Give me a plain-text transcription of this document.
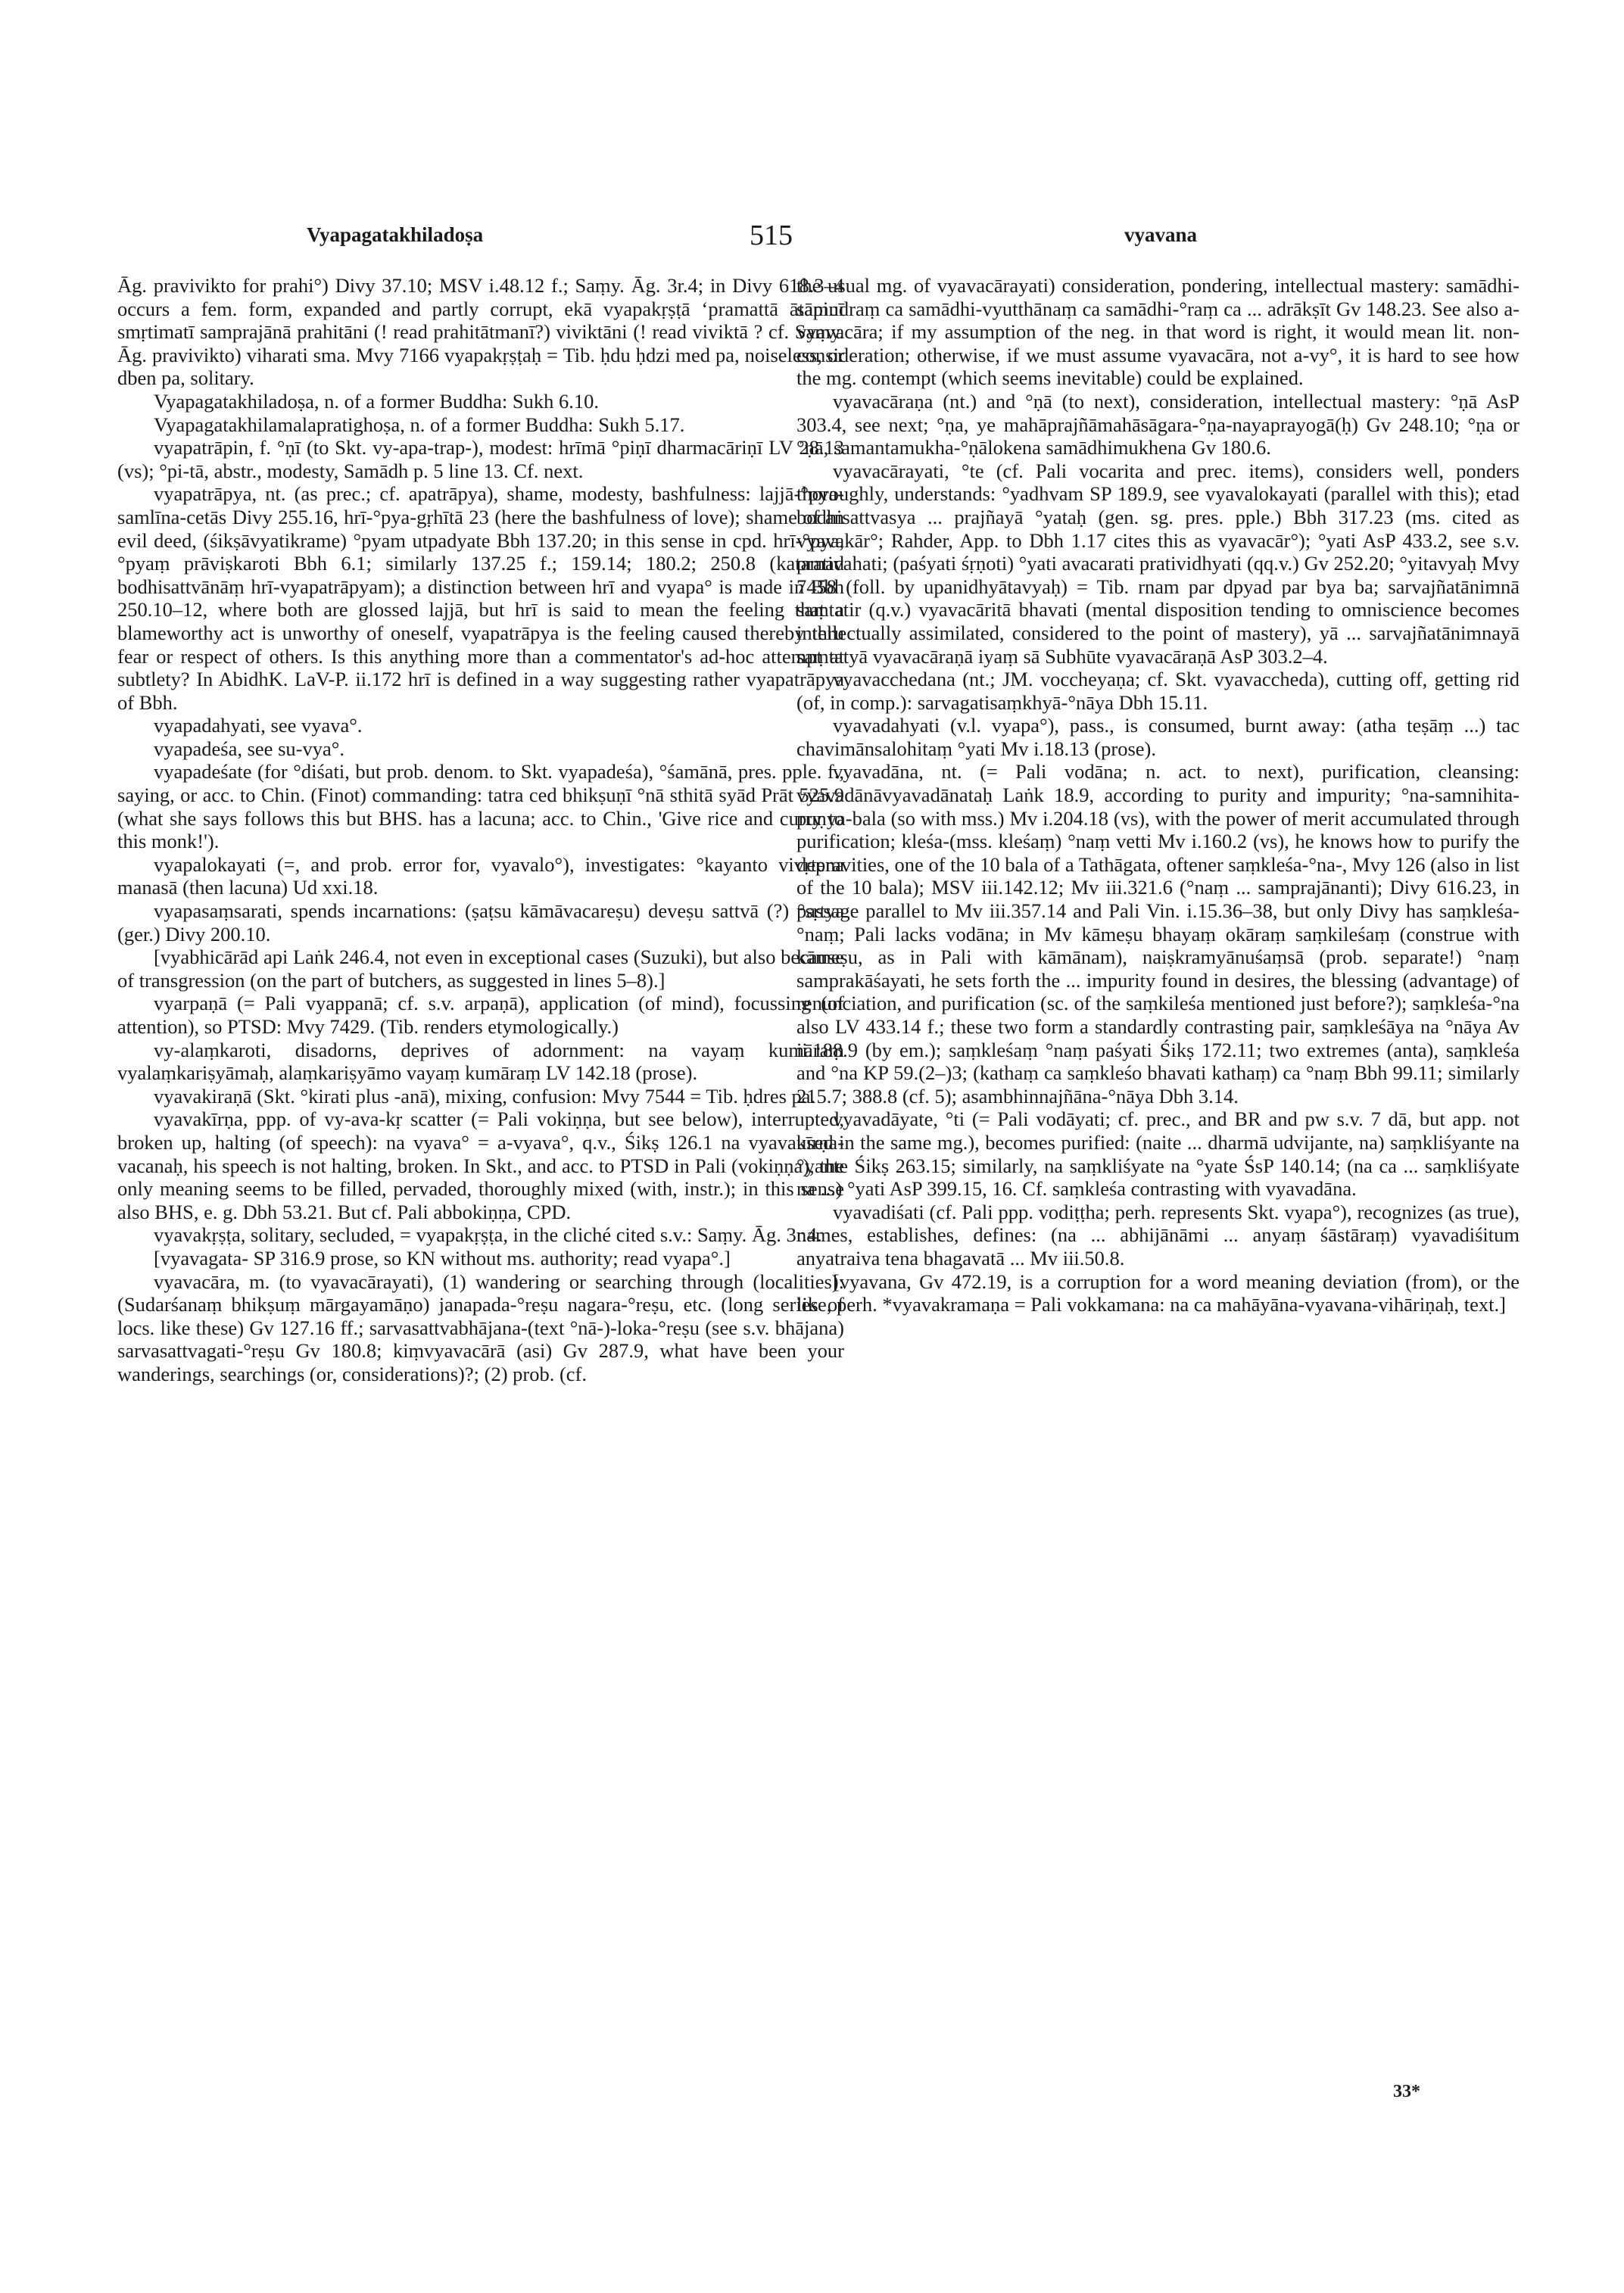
Vyapagatakhiladoṣa	515	vyavana

Āg. pravivikto for prahi°) Divy 37.10; MSV i.48.12 f.; Saṃy. Āg. 3r.4; in Divy 618.3–4 occurs a fem. form, expanded and partly corrupt, ekā vyapakṛṣṭā ʻpramattā ātāpinī smṛtimatī samprajānā prahitāni (! read prahitātmanī?) viviktāni (! read viviktā ? cf. Saṃy. Āg. pravivikto) viharati sma. Mvy 7166 vyapakṛṣṭaḥ = Tib. ḥdu ḥdzi med pa, noiseless, or dben pa, solitary.

Vyapagatakhiladoṣa, n. of a former Buddha: Sukh 6.10.

Vyapagatakhilamalapratighoṣa, n. of a former Buddha: Sukh 5.17.

vyapatrāpin, f. °ṇī (to Skt. vy-apa-trap-), modest: hrīmā °piṇī dharmacāriṇī LV 28.13 (vs); °pi-tā, abstr., modesty, Samādh p. 5 line 13. Cf. next.

vyapatrāpya, nt. (as prec.; cf. apatrāpya), shame, modesty, bashfulness: lajjā-°pya-samlīna-cetās Divy 255.16, hrī-°pya-gṛhītā 23 (here the bashfulness of love); shame of an evil deed, (śikṣāvyatikrame) °pyam utpadyate Bbh 137.20; in this sense in cpd. hrī-°pya, °pyaṃ prāviṣkaroti Bbh 6.1; similarly 137.25 f.; 159.14; 180.2; 250.8 (katamad bodhisattvānāṃ hrī-vyapatrāpyam); a distinction between hrī and vyapa° is made in Bbh 250.10–12, where both are glossed lajjā, but hrī is said to mean the feeling that a blameworthy act is unworthy of oneself, vyapatrāpya is the feeling caused thereby thru fear or respect of others. Is this anything more than a commentator's ad-hoc attempt at subtlety? In AbidhK. LaV-P. ii.172 hrī is defined in a way suggesting rather vyapatrāpya of Bbh.

vyapadahyati, see vyava°.

vyapadeśa, see su-vya°.

vyapadeśate (for °diśati, but prob. denom. to Skt. vyapadeśa), °śamānā, pres. pple. f., saying, or acc. to Chin. (Finot) commanding: tatra ced bhikṣuṇī °nā sthitā syād Prāt 525.9 (what she says follows this but BHS. has a lacuna; acc. to Chin., 'Give rice and curry to this monk!').

vyapalokayati (=, and prob. error for, vyavalo°), investigates: °kayanto vivṛtena manasā (then lacuna) Ud xxi.18.

vyapasaṃsarati, spends incarnations: (ṣaṭsu kāmāvacareṣu) deveṣu sattvā (?) °sṛtya (ger.) Divy 200.10.

[vyabhicārād api Laṅk 246.4, not even in exceptional cases (Suzuki), but also because of transgression (on the part of butchers, as suggested in lines 5–8).]

vyarpaṇā (= Pali vyappanā; cf. s.v. arpaṇā), application (of mind), focussing (of attention), so PTSD: Mvy 7429. (Tib. renders etymologically.)

vy-alaṃkaroti, disadorns, deprives of adornment: na vayaṃ kumāraṃ vyalaṃkariṣyāmaḥ, alaṃkariṣyāmo vayaṃ kumāraṃ LV 142.18 (prose).

vyavakiraṇā (Skt. °kirati plus -anā), mixing, confusion: Mvy 7544 = Tib. ḥdres pa.

vyavakīrṇa, ppp. of vy-ava-kṛ scatter (= Pali vokiṇṇa, but see below), interrupted, broken up, halting (of speech): na vyava° = a-vyava°, q.v., Śikṣ 126.1 na vyavakīrṇa-vacanaḥ, his speech is not halting, broken. In Skt., and acc. to PTSD in Pali (vokiṇṇa), the only meaning seems to be filled, pervaded, thoroughly mixed (with, instr.); in this sense also BHS, e. g. Dbh 53.21. But cf. Pali abbokiṇṇa, CPD.

vyavakṛṣṭa, solitary, secluded, = vyapakṛṣṭa, in the cliché cited s.v.: Saṃy. Āg. 3r.4.

[vyavagata- SP 316.9 prose, so KN without ms. authority; read vyapa°.]

vyavacāra, m. (to vyavacārayati), (1) wandering or searching through (localities): (Sudarśanaṃ bhikṣuṃ mārgayamāṇo) janapada-°reṣu nagara-°reṣu, etc. (long series of locs. like these) Gv 127.16 ff.; sarvasattvabhājana-(text °nā-)-loka-°reṣu (see s.v. bhājana) sarvasattvagati-°reṣu Gv 180.8; kiṃvyavacārā (asi) Gv 287.9, what have been your wanderings, searchings (or, considerations)?; (2) prob. (cf.

the usual mg. of vyavacārayati) consideration, pondering, intellectual mastery: samādhi-samudraṃ ca samādhi-vyutthānaṃ ca samādhi-°raṃ ca ... adrākṣīt Gv 148.23. See also a-vyavacāra; if my assumption of the neg. in that word is right, it would mean lit. non-consideration; otherwise, if we must assume vyavacāra, not a-vy°, it is hard to see how the mg. contempt (which seems inevitable) could be explained.

vyavacāraṇa (nt.) and °ṇā (to next), consideration, intellectual mastery: °ṇā AsP 303.4, see next; °ṇa, ye mahāprajñāmahāsāgara-°ṇa-nayaprayogā(ḥ) Gv 248.10; °ṇa or °ṇā, samantamukha-°ṇālokena samādhimukhena Gv 180.6.

vyavacārayati, °te (cf. Pali vocarita and prec. items), considers well, ponders thoroughly, understands: °yadhvam SP 189.9, see vyavalokayati (parallel with this); etad bodhisattvasya ... prajñayā °yataḥ (gen. sg. pres. pple.) Bbh 317.23 (ms. cited as vyavakār°; Rahder, App. to Dbh 1.17 cites this as vyavacār°); °yati AsP 433.2, see s.v. prativahati; (paśyati śṛṇoti) °yati avacarati pratividhyati (qq.v.) Gv 252.20; °yitavyaḥ Mvy 7458 (foll. by upanidhyātavyaḥ) = Tib. rnam par dpyad par bya ba; sarvajñatānimnā saṃtatir (q.v.) vyavacāritā bhavati (mental disposition tending to omniscience becomes intellectually assimilated, considered to the point of mastery), yā ... sarvajñatānimnayā saṃtatyā vyavacāraṇā iyaṃ sā Subhūte vyavacāraṇā AsP 303.2–4.

vyavacchedana (nt.; JM. voccheyaṇa; cf. Skt. vyavaccheda), cutting off, getting rid (of, in comp.): sarvagatisaṃkhyā-°nāya Dbh 15.11.

vyavadahyati (v.l. vyapa°), pass., is consumed, burnt away: (atha teṣāṃ ...) tac chavimānsalohitaṃ °yati Mv i.18.13 (prose).

vyavadāna, nt. (= Pali vodāna; n. act. to next), purification, cleansing: vyavadānāvyavadānataḥ Laṅk 18.9, according to purity and impurity; °na-samnihita-puṇya-bala (so with mss.) Mv i.204.18 (vs), with the power of merit accumulated through purification; kleśa-(mss. kleśaṃ) °naṃ vetti Mv i.160.2 (vs), he knows how to purify the depravities, one of the 10 bala of a Tathāgata, oftener saṃkleśa-°na-, Mvy 126 (also in list of the 10 bala); MSV iii.142.12; Mv iii.321.6 (°naṃ ... samprajānanti); Divy 616.23, in passage parallel to Mv iii.357.14 and Pali Vin. i.15.36–38, but only Divy has saṃkleśa-°naṃ; Pali lacks vodāna; in Mv kāmeṣu bhayaṃ okāraṃ saṃkileśaṃ (construe with kāmeṣu, as in Pali with kāmānam), naiṣkramyānuśaṃsā (prob. separate!) °naṃ samprakāśayati, he sets forth the ... impurity found in desires, the blessing (advantage) of renunciation, and purification (sc. of the saṃkileśa mentioned just before?); saṃkleśa-°na also LV 433.14 f.; these two form a standardly contrasting pair, saṃkleśāya na °nāya Av ii.188.9 (by em.); saṃkleśaṃ °naṃ paśyati Śikṣ 172.11; two extremes (anta), saṃkleśa and °na KP 59.(2–)3; (kathaṃ ca saṃkleśo bhavati kathaṃ) ca °naṃ Bbh 99.11; similarly 215.7; 388.8 (cf. 5); asambhinnajñāna-°nāya Dbh 3.14.

vyavadāyate, °ti (= Pali vodāyati; cf. prec., and BR and pw s.v. 7 dā, but app. not used in the same mg.), becomes purified: (naite ... dharmā udvijante, na) saṃkliśyante na °yante Śikṣ 263.15; similarly, na saṃkliśyate na °yate ŚsP 140.14; (na ca ... saṃkliśyate na ...) °yati AsP 399.15, 16. Cf. saṃkleśa contrasting with vyavadāna.

vyavadiśati (cf. Pali ppp. vodiṭṭha; perh. represents Skt. vyapa°), recognizes (as true), names, establishes, defines: (na ... abhijānāmi ... anyaṃ śāstāraṃ) vyavadiśitum anyatraiva tena bhagavatā ... Mv iii.50.8.

[vyavana, Gv 472.19, is a corruption for a word meaning deviation (from), or the like, perh. *vyavakramaṇa = Pali vokkamana: na ca mahāyāna-vyavana-vihāriṇaḥ, text.]

33*
